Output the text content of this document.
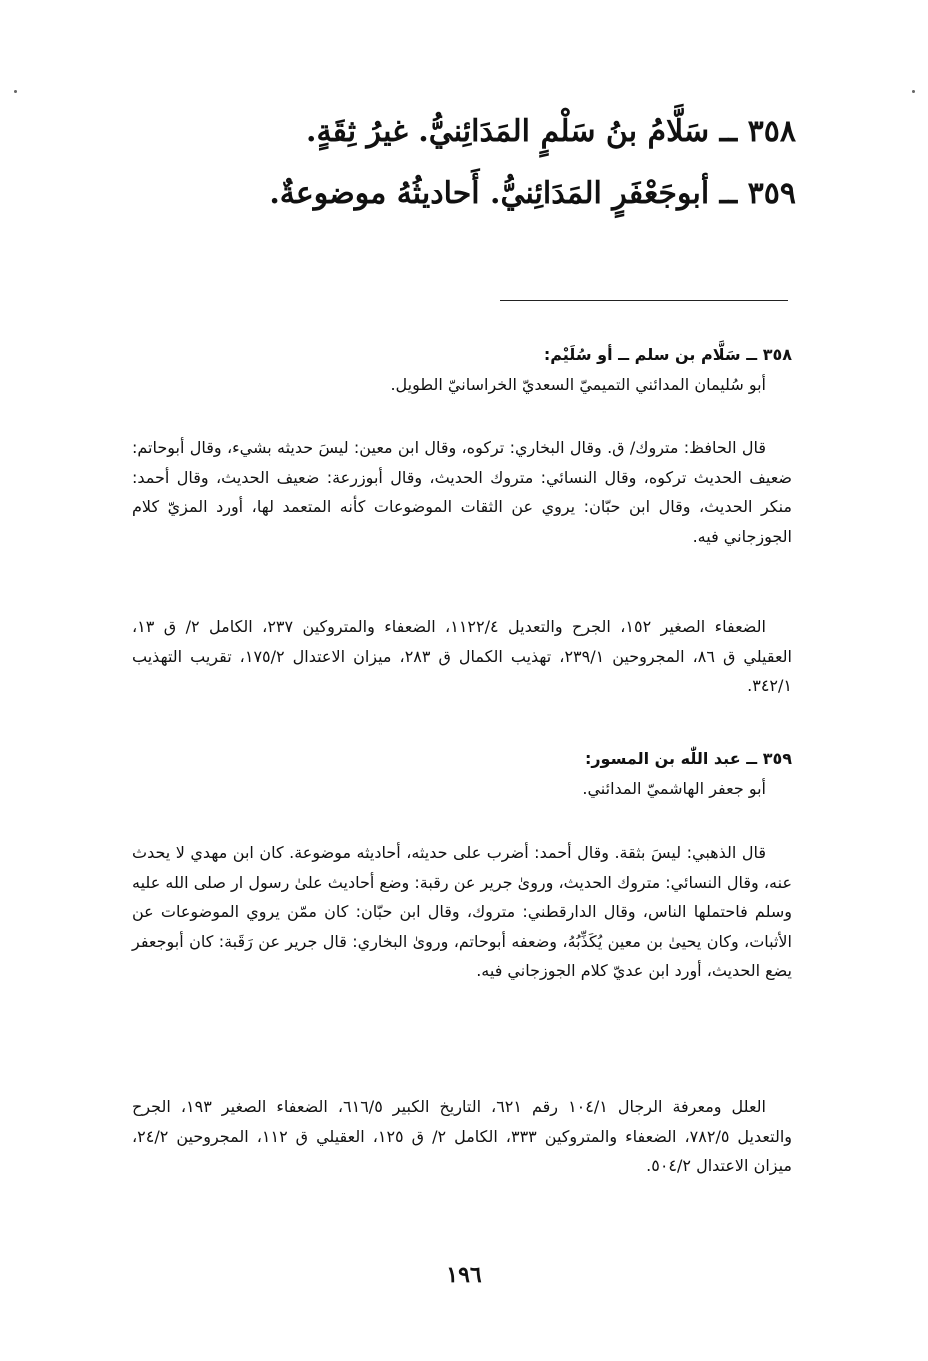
٣٥٨ ــ سَلَّامُ بنُ سَلْمٍ المَدَائِنيُّ. غيرُ ثِقَةٍ.
٣٥٩ ــ أبوجَعْفَرٍ المَدَائِنيُّ. أَحاديثُهُ موضوعةٌ.

٣٥٨ ــ سَلَّام بن سلم ــ أو سُلَيْم:

أبو سُليمان المدائني التميميّ السعديّ الخراسانيّ الطويل.

قال الحافظ: متروك/ ق. وقال البخاري: تركوه، وقال ابن معين: ليسَ حديثه بشيء، وقال أبوحاتم: ضعيف الحديث تركوه، وقال النسائي: متروك الحديث، وقال أبوزرعة: ضعيف الحديث، وقال أحمد: منكر الحديث، وقال ابن حبّان: يروي عن الثقات الموضوعات كأنه المتعمد لها، أورد المزيّ كلام الجوزجاني فيه.

الضعفاء الصغير ١٥٢، الجرح والتعديل ١١٢٢/٤، الضعفاء والمتروكين ٢٣٧، الكامل ٢/ ق ١٣، العقيلي ق ٨٦، المجروحين ٢٣٩/١، تهذيب الكمال ق ٢٨٣، ميزان الاعتدال ١٧٥/٢، تقريب التهذيب ٣٤٢/١.

٣٥٩ ــ عبد اللّٰه بن المسور:

أبو جعفر الهاشميّ المدائني.

قال الذهبي: ليسَ بثقة. وقال أحمد: أضرب على حديثه، أحاديثه موضوعة. كان ابن مهدي لا يحدث عنه، وقال النسائي: متروك الحديث، وروىٰ جرير عن رقبة: وضع أحاديث علىٰ رسول ار صلى الله عليه وسلم فاحتملها الناس، وقال الدارقطني: متروك، وقال ابن حبّان: كان ممّن يروي الموضوعات عن الأثبات، وكان يحيىٰ بن معين يُكَذِّبُهُ، وضعفه أبوحاتم، وروىٰ البخاري: قال جرير عن رَقَبة: كان أبوجعفر يضع الحديث، أورد ابن عديّ كلام الجوزجاني فيه.

العلل ومعرفة الرجال ١٠٤/١ رقم ٦٢١، التاريخ الكبير ٦١٦/٥، الضعفاء الصغير ١٩٣، الجرح والتعديل ٧٨٢/٥، الضعفاء والمتروكين ٣٣٣، الكامل ٢/ ق ١٢٥، العقيلي ق ١١٢، المجروحين ٢٤/٢، ميزان الاعتدال ٥٠٤/٢.

١٩٦
